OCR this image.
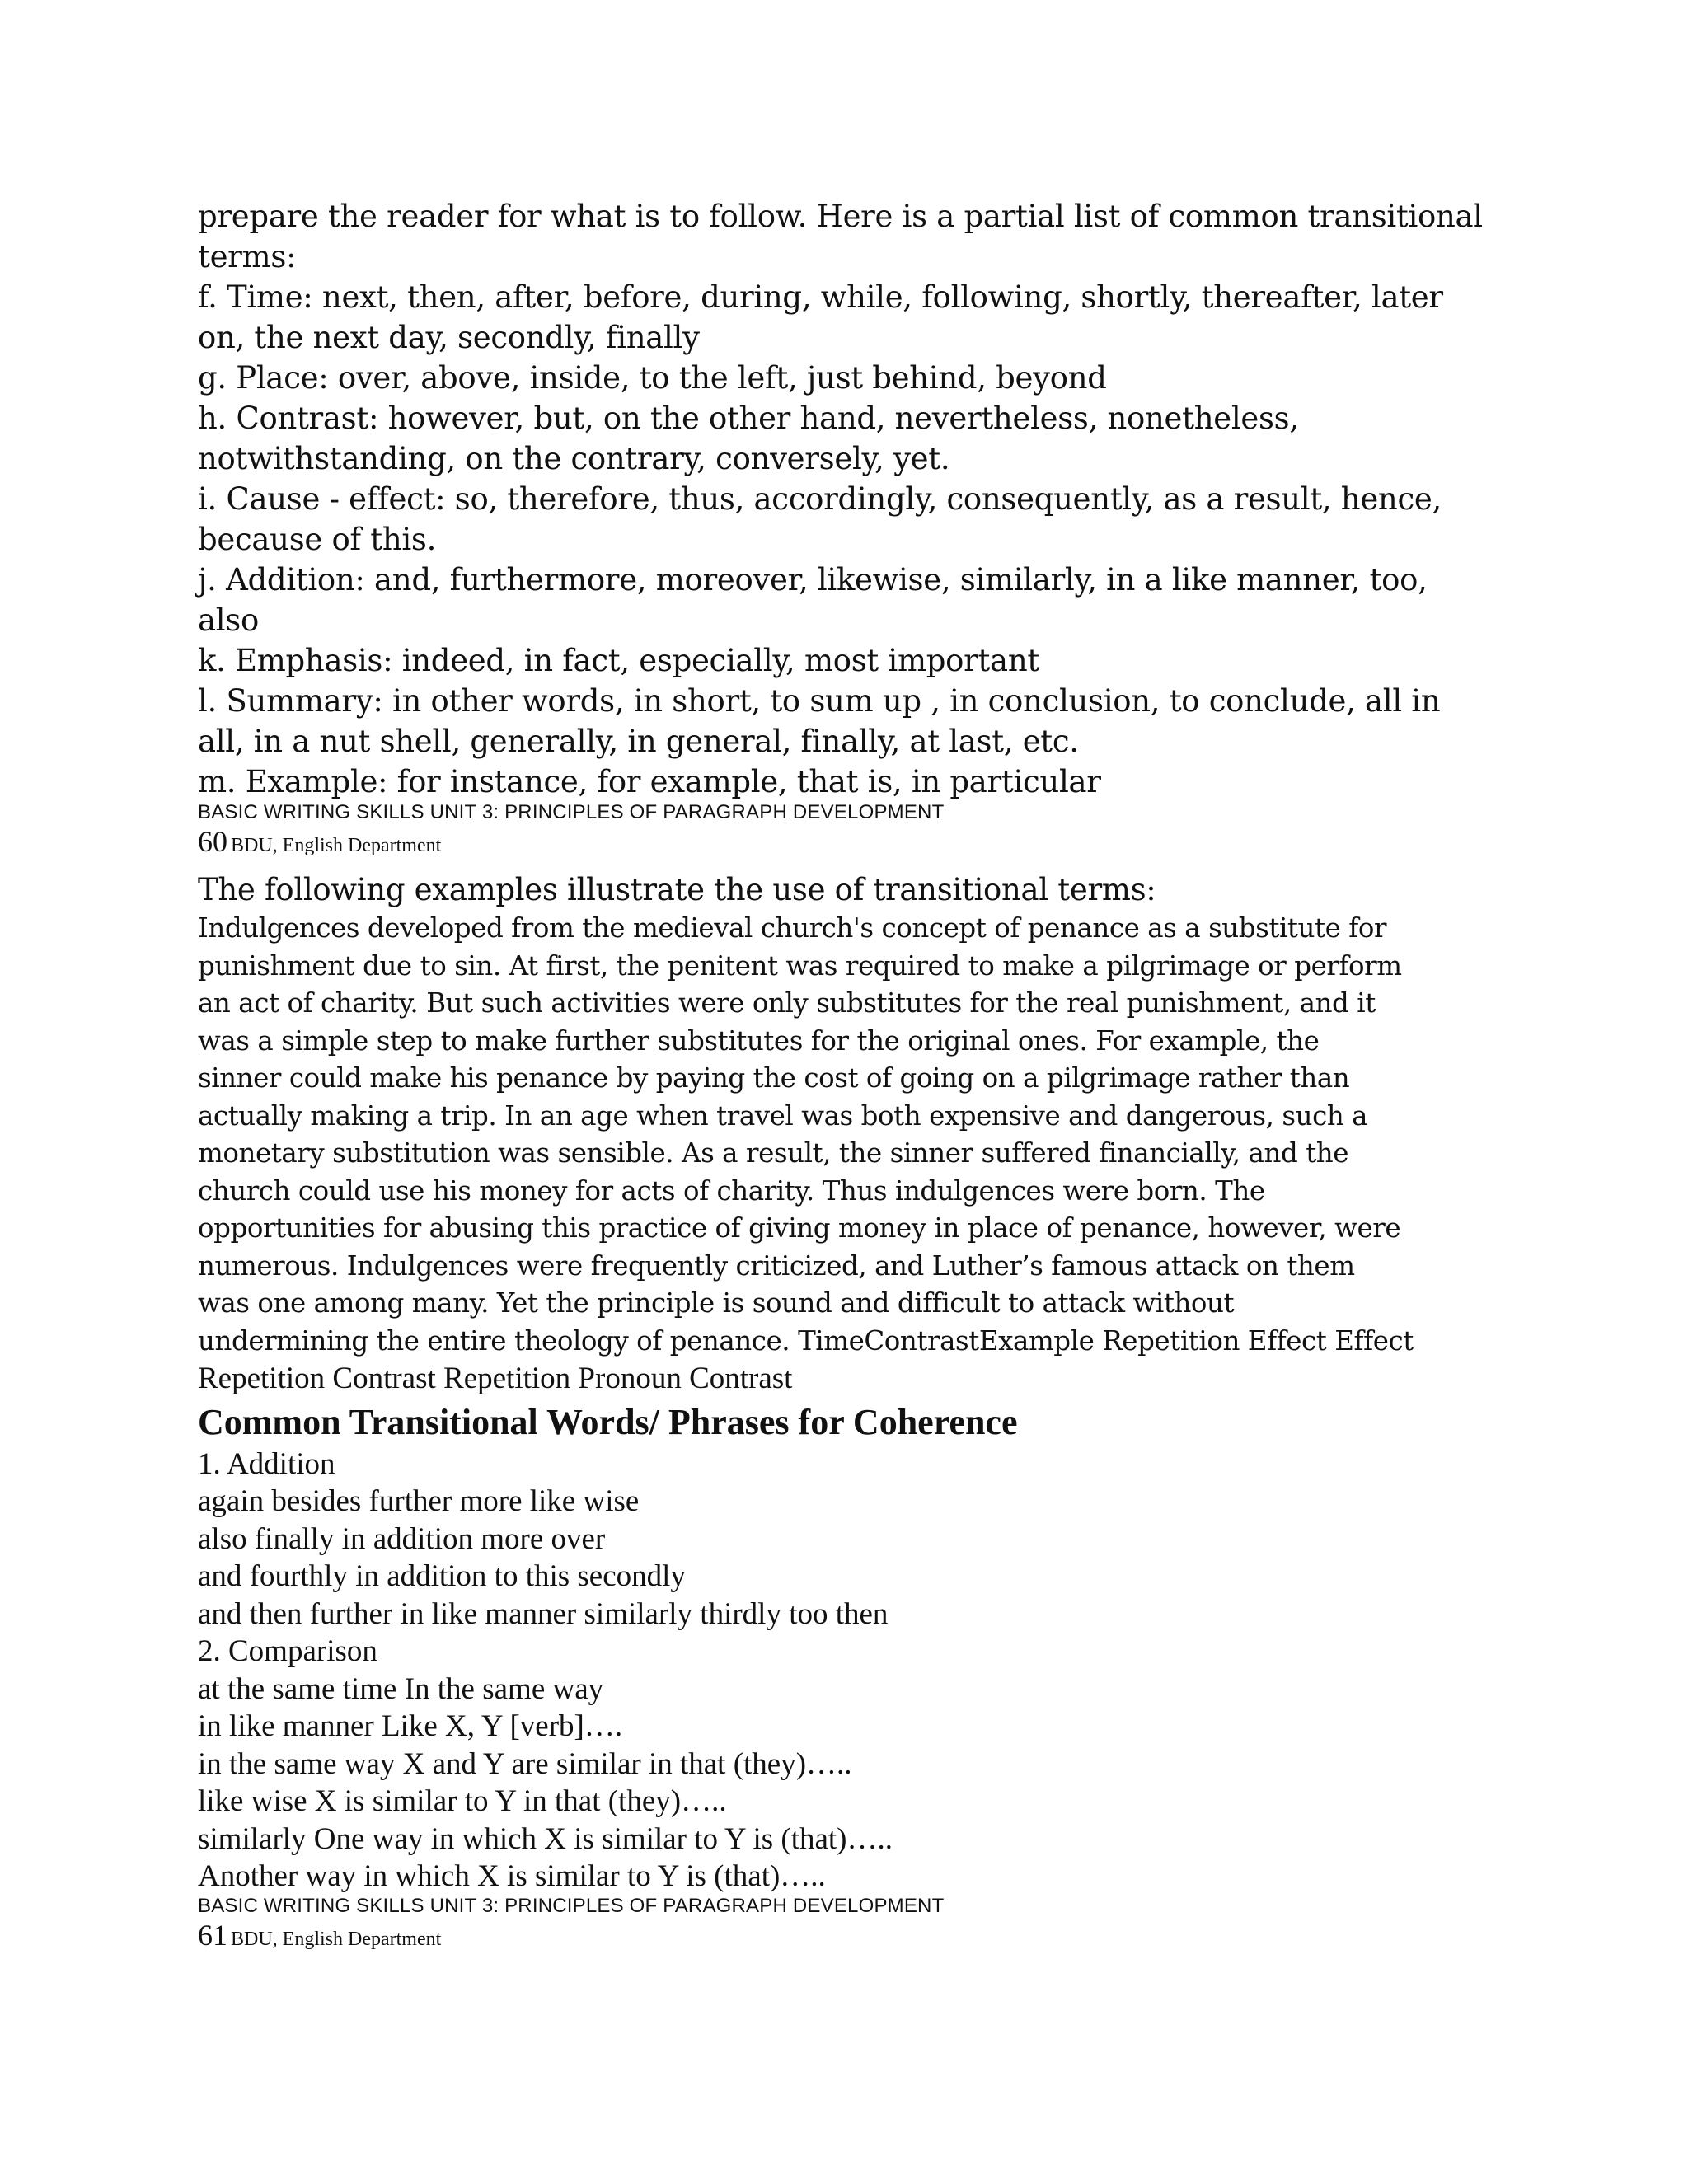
prepare the reader for what is to follow. Here is a partial list of common transitional
terms:
f. Time: next, then, after, before, during, while, following, shortly, thereafter, later
on, the next day, secondly, finally
g. Place: over, above, inside, to the left, just behind, beyond
h. Contrast: however, but, on the other hand, nevertheless, nonetheless,
notwithstanding, on the contrary, conversely, yet.
i. Cause - effect: so, therefore, thus, accordingly, consequently, as a result, hence,
because of this.
j. Addition: and, furthermore, moreover, likewise, similarly, in a like manner, too,
also
k. Emphasis: indeed, in fact, especially, most important
l. Summary: in other words, in short, to sum up , in conclusion, to conclude, all in
all, in a nut shell, generally, in general, finally, at last, etc.
m. Example: for instance, for example, that is, in particular
BASIC WRITING SKILLS UNIT 3: PRINCIPLES OF PARAGRAPH DEVELOPMENT
60 BDU, English Department
The following examples illustrate the use of transitional terms:
Indulgences developed from the medieval church's concept of penance as a substitute for
punishment due to sin. At first, the penitent was required to make a pilgrimage or perform
an act of charity. But such activities were only substitutes for the real punishment, and it
was a simple step to make further substitutes for the original ones. For example, the
sinner could make his penance by paying the cost of going on a pilgrimage rather than
actually making a trip. In an age when travel was both expensive and dangerous, such a
monetary substitution was sensible. As a result, the sinner suffered financially, and the
church could use his money for acts of charity. Thus indulgences were born. The
opportunities for abusing this practice of giving money in place of penance, however, were
numerous. Indulgences were frequently criticized, and Luther’s famous attack on them
was one among many. Yet the principle is sound and difficult to attack without
undermining the entire theology of penance. TimeContrastExample Repetition Effect Effect
Repetition Contrast Repetition Pronoun Contrast
Common Transitional Words/ Phrases for Coherence
1. Addition
again besides further more like wise
also finally in addition more over
and fourthly in addition to this secondly
and then further in like manner similarly thirdly too then
2. Comparison
at the same time In the same way
in like manner Like X, Y [verb]….
in the same way X and Y are similar in that (they)…..
like wise X is similar to Y in that (they)…..
similarly One way in which X is similar to Y is (that)…..
Another way in which X is similar to Y is (that)…..
BASIC WRITING SKILLS UNIT 3: PRINCIPLES OF PARAGRAPH DEVELOPMENT
61 BDU, English Department
